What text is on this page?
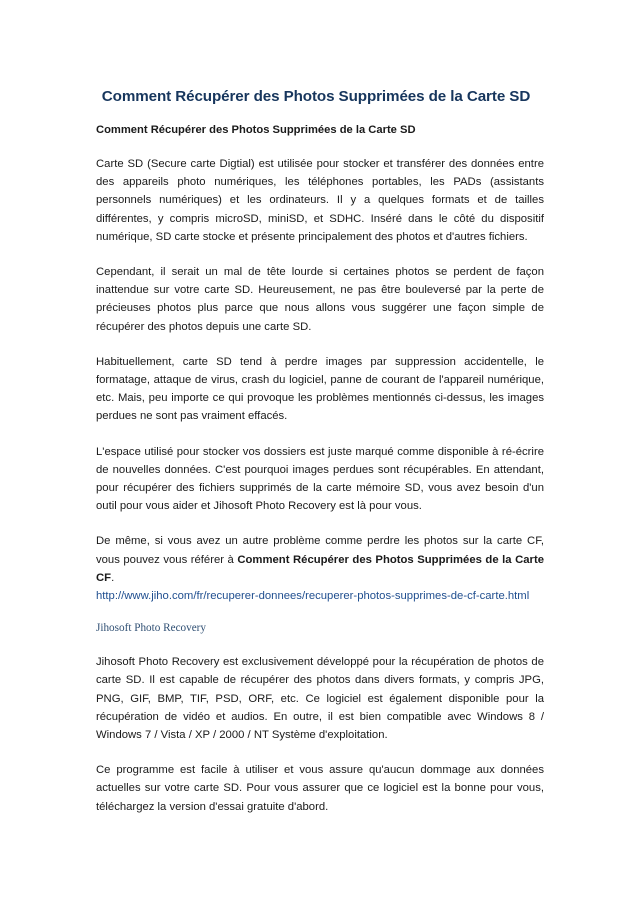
Comment Récupérer des Photos Supprimées de la Carte SD
Comment Récupérer des Photos Supprimées de la Carte SD

Carte SD (Secure carte Digtial) est utilisée pour stocker et transférer des données entre des appareils photo numériques, les téléphones portables, les PADs (assistants personnels numériques) et les ordinateurs. Il y a quelques formats et de tailles différentes, y compris microSD, miniSD, et SDHC. Inséré dans le côté du dispositif numérique, SD carte stocke et présente principalement des photos et d'autres fichiers.

Cependant, il serait un mal de tête lourde si certaines photos se perdent de façon inattendue sur votre carte SD. Heureusement, ne pas être bouleversé par la perte de précieuses photos plus parce que nous allons vous suggérer une façon simple de récupérer des photos depuis une carte SD.

Habituellement, carte SD tend à perdre images par suppression accidentelle, le formatage, attaque de virus, crash du logiciel, panne de courant de l'appareil numérique, etc. Mais, peu importe ce qui provoque les problèmes mentionnés ci-dessus, les images perdues ne sont pas vraiment effacés.

L'espace utilisé pour stocker vos dossiers est juste marqué comme disponible à ré-écrire de nouvelles données. C'est pourquoi images perdues sont récupérables. En attendant, pour récupérer des fichiers supprimés de la carte mémoire SD, vous avez besoin d'un outil pour vous aider et Jihosoft Photo Recovery est là pour vous.

De même, si vous avez un autre problème comme perdre les photos sur la carte CF, vous pouvez vous référer à Comment Récupérer des Photos Supprimées de la Carte CF.
http://www.jiho.com/fr/recuperer-donnees/recuperer-photos-supprimes-de-cf-carte.html

Jihosoft Photo Recovery

Jihosoft Photo Recovery est exclusivement développé pour la récupération de photos de carte SD. Il est capable de récupérer des photos dans divers formats, y compris JPG, PNG, GIF, BMP, TIF, PSD, ORF, etc. Ce logiciel est également disponible pour la récupération de vidéo et audios. En outre, il est bien compatible avec Windows 8 / Windows 7 / Vista / XP / 2000 / NT Système d'exploitation.

Ce programme est facile à utiliser et vous assure qu'aucun dommage aux données actuelles sur votre carte SD. Pour vous assurer que ce logiciel est la bonne pour vous, téléchargez la version d'essai gratuite d'abord.
